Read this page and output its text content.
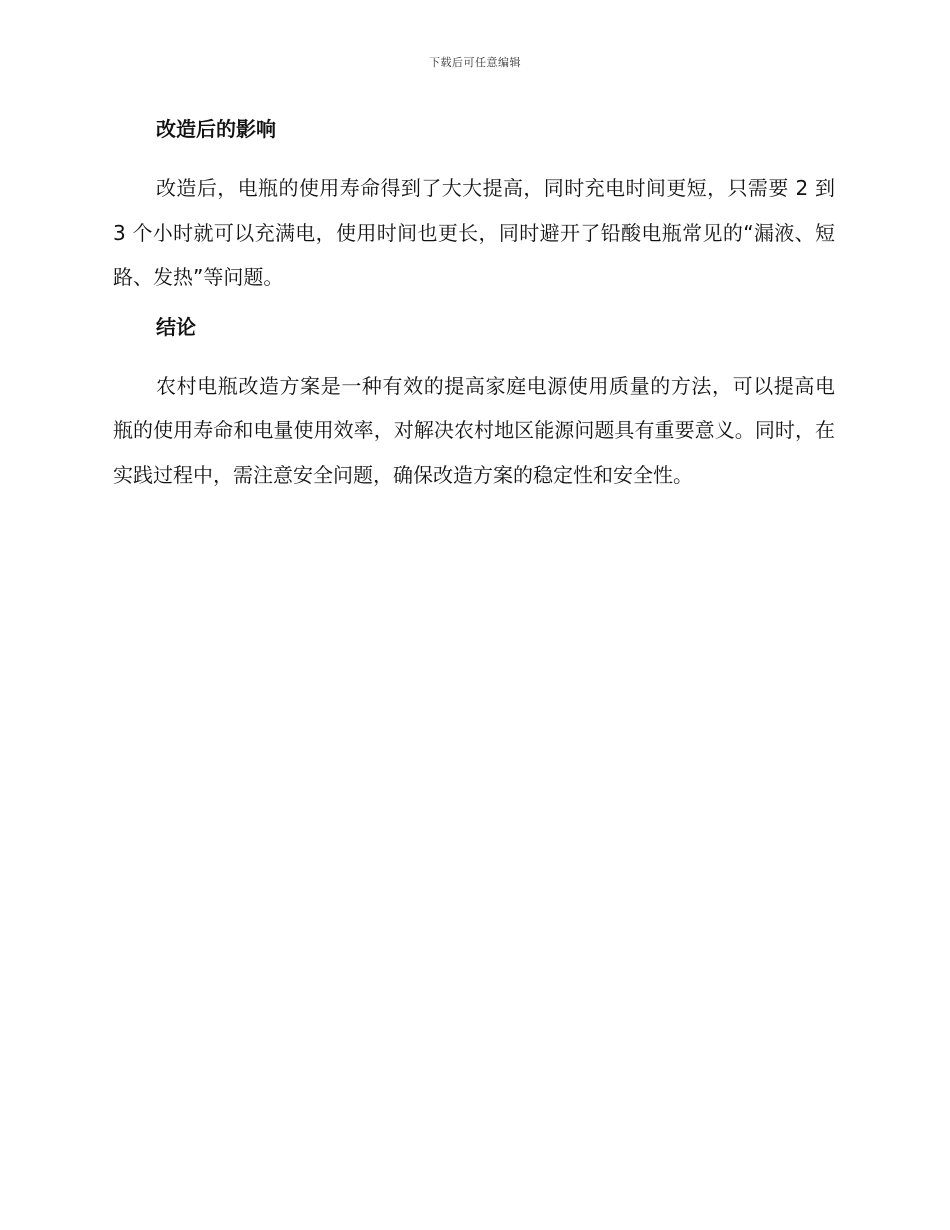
下载后可任意编辑
改造后的影响

改造后，电瓶的使用寿命得到了大大提高，同时充电时间更短，只需要 2 到 3 个小时就可以充满电，使用时间也更长，同时避开了铅酸电瓶常见的“漏液、短路、发热”等问题。

结论

农村电瓶改造方案是一种有效的提高家庭电源使用质量的方法，可以提高电瓶的使用寿命和电量使用效率，对解决农村地区能源问题具有重要意义。同时，在实践过程中，需注意安全问题，确保改造方案的稳定性和安全性。
